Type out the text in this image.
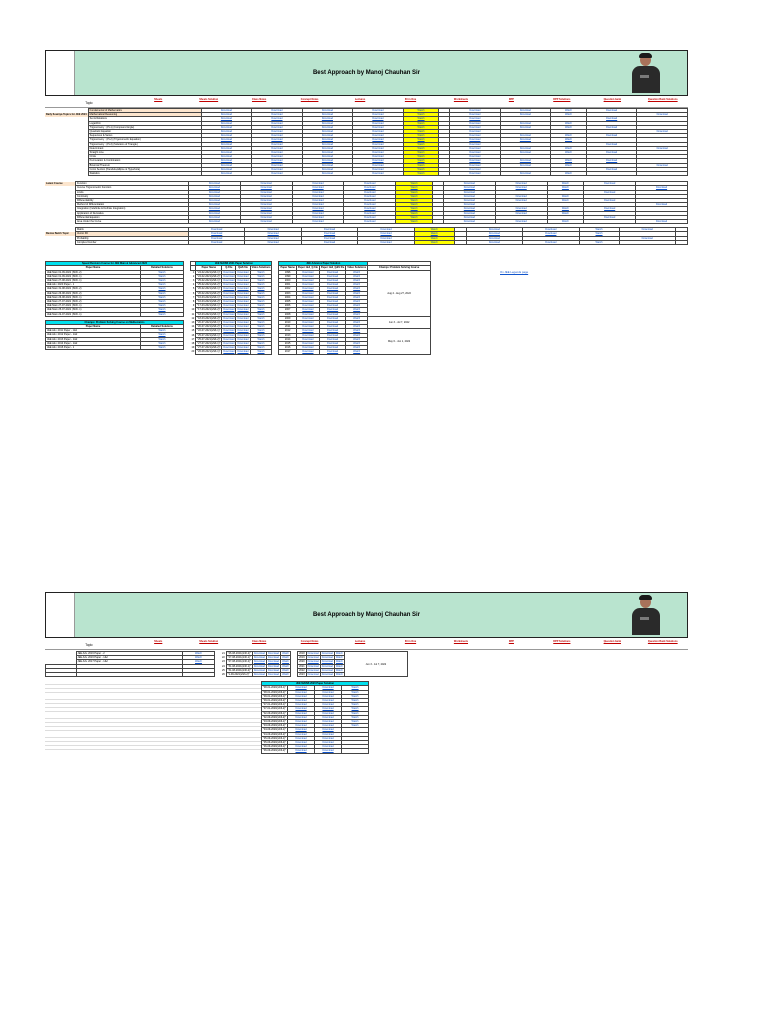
Best Approach by Manoj Chauhan Sir
Topic
Sheets	Sheets Solution	Class Notes	Concept Notes	Lectures	60 in One	Worksheets	DPP	DPP Solutions	Question bank	Question Bank Solutions
	Fundamental of Mathematics	Download	Download	Download	Download	Watch		Download	Download	Watch	Download	
Daily Soumya Topics for JEE 2024	Mathematical Reasoning	Download	Download	Download	Download	Watch		Download	Download	Watch		Download
	Set & Relations	Download	Download	Download	Download	Watch		Download			Download	
	Logarithm	Download	Download	Download	Download	Watch		Download	Download	Watch		
	Trigonometry : (Pt-1) (Compound Angle)	Download	Download	Download	Download	Watch		Download	Download	Watch	Download	
	Quadratic Equation	Download	Download	Download	Download	Watch		Download				Download
	Sequences & Series	Download	Download	Download	Download	Watch		Download	Download	Watch	Download	
	Trigonometry : (Pt-2) (Trigonometric Equation)	Download	Download	Download	Download	Watch		Download	Download	Watch		
	Trigonometry : (Pt-3) (Solutions of Triangle)	Download	Download	Download	Download	Watch		Download			Download	
	Determinant	Download	Download	Download	Download	Watch		Download	Download	Watch		Download
	Straight Line	Download	Download	Download	Download	Watch		Download	Download	Watch	Download	
	Circle	Download	Download	Download	Download	Watch		Download				
	Permutation & Combination	Download	Download	Download	Download	Watch		Download	Download	Watch	Download	
	Binomial Theorem	Download	Download	Download	Download	Watch		Download	Download	Watch		Download
	Conic Section (Parabola,Ellipse & Hyperbola)	Download	Download	Download	Download	Watch		Download			Download	
	Statistics	Download	Download	Download	Download	Watch		Download	Download	Watch		
Latest Course	Function	Download	Download	Download	Download	Watch		Download	Download	Watch	Download	
	Inverse Trigonometric Function	Download	Download	Download	Download	Watch		Download	Download	Watch		Download
	Limits	Download	Download	Download	Download	Watch		Download			Download	
	Continuity	Download	Download	Download	Download	Watch		Download	Download	Watch		
	Differentiability	Download	Download	Download	Download	Watch		Download	Download	Watch	Download	
	Method of Differentiation	Download	Download	Download	Download	Watch		Download				Download
	Integration (Indefinite & Definite Integration)	Download	Download	Download	Download	Watch		Download	Download	Watch	Download	
	Application of Derivative	Download	Download	Download	Download	Watch		Download	Download	Watch		
	Differential Equation	Download	Download	Download	Download	Watch		Download			Download	
	Area Under the Curve	Download	Download	Download	Download	Watch		Download	Download	Watch		Download
	Matrix	Download	Download	Download	Download	Watch		Download	Download	Watch	Download	
Revive Batch Topic	Vector 3D	Download	Download	Download	Download	Watch		Download	Download	Watch		
	Probability	Download	Download	Download	Download	Watch		Download			Download	
	Complex Number	Download	Download	Download	Download	Watch		Download	Download	Watch		
Speed Revision Course for JEE Main & Advanced 2022	
Paper Name	Detailed Solutions
JEE Main 01-09-2021 (Shift -2)	Watch
JEE Main 01-09-2021 (Shift -1)	Watch
JEE Main 27-08-2021 (Shift -1)	Watch
JEE Adv. 2020 Paper - 1	Watch
JEE Main 31-08-2021 (Shift -2)	Watch
JEE Main 26-08-2021 (Shift -2)	Watch
JEE Main 26-08-2021 (Shift -1)	Watch
JEE Main 27-07-2021 (Shift -2)	Watch
JEE Main 27-07-2021 (Shift -1)	Watch
JEE Main 25-07-2021 (Shift -1)	Watch
JEE Main 22-07-2021 (Shift -1)	Watch
Champs: Problem Solving Course on Mathematics	
Paper Name	Detailed Solutions
JEE Adv. 2011 Paper - 1&2	Watch
JEE Adv. 2012 Paper - 1&2	Watch
JEE Adv. 2013 Paper - 1&2	Watch
JEE Adv. 2014 Paper - 1&2	Watch
JEE Adv. 2016 Paper - 1	Watch
	JEE MAINS 2021 Paper Solution			
	Paper Name	Q-File	Q&S file	Video Solutions
1	"24-02-2021(shift-1)"	Download	Download	Watch
2	"24-02-2021(shift-2)"	Download	Download	Watch
3	"25-02-2021(shift-1)"	Download	Download	Watch
4	"25-02-2021(shift-2)"	Download	Download	Watch
5	"26-02-2021(shift-1)"	Download	Download	Watch
6	"26-02-2021(shift-2)"	Download	Download	Watch
7	"16-03-2021(shift-1)"	Download	Download	Watch
8	"16-03-2021(shift-2)"	Download	Download	Watch
9	"17-03-2021(shift-1)"	Download	Download	Watch
10	"17-03-2021(shift-2)"	Download	Download	Watch
11	"18-03-2021(shift-1)"	Download	Download	Watch
12	"18-03-2021(shift-2)"	Download	Download	Watch
13	"20-07-2021(shift-1)"	Download	Download	Watch
14	"20-07-2021(shift-2)"	Download	Download	Watch
15	"22-07-2021(shift-1)"	Download	Download	Watch
16	"25-07-2021(shift-1)"	Download	Download	Watch
17	"25-07-2021(shift-2)"	Download	Download	Watch
18	"27-07-2021(shift-1)"	Download	Download	Watch
19	"27-07-2021(shift-2)"	Download	Download	Watch
20	"26-08-2021(shift-1)"	Download	Download	Watch
JEE Advance Paper Solution				
Paper Name	Paper 1&2_Q-file	Paper 1&2_Q&S file	Video Solutions	Champs: Problem Solving Course
1996	Download	Download	Watch	Aug 4 - Aug 27, 2022
1999	Download	Download	Watch	
2000	Download	Download	Watch	
2001	Download	Download	Watch	
2002	Download	Download	Watch	
2003	Download	Download	Watch	
2004	Download	Download	Watch	
2005	Download	Download	Watch	
2006	Download	Download	Watch	
2007	Download	Download	Watch	
2008	Download	Download	Watch	
2009	Download	Download	Watch	Jun 3 - Jul 7, 2022
2010	Download	Download	Watch	
2011	Download	Download	Watch	
2012	Download	Download	Watch	May 6 - Jun 1, 2022
2013	Download	Download	Watch	
2014	Download	Download	Watch	
2015	Download	Download	Watch	
2016	Download	Download	Watch	
2017	Download	Download	Watch	
On JEE Legends page
Best Approach by Manoj Chauhan Sir
Topic
Sheets	Sheets Solution	Class Notes	Concept Notes	Lectures	60 in One	Worksheets	DPP	DPP Solutions	Question bank	Question Bank Solutions
	JEE Adv. 2016 Paper - 2	Watch
	JEE Adv. 2016 Paper - 1&2	Watch
	JEE Adv. 2017 Paper - 1&2	Watch

21	"26-08-2021(shift-2)"	Download	Download	Watch
22	"27-08-2021(shift-1)"	Download	Download	Watch
23	"27-08-2021(shift-2)"	Download	Download	Watch
24	"31-08-2021(shift-1)"	Download	Download	Watch
25	"31-08-2021(shift-2)"	Download	Download	Watch
26	"1-09-2021(shift-2)"	Download	Download	Watch
2018	Download	Download	Watch	Jun 3 - Jul 7, 2022
2019	Download	Download	Watch	
2020	Download	Download	Watch	
2021	Download	Download	Watch	
2022	Download	Download	Watch	
2023	Download	Download	Watch	
JEE MAINS 2020 Paper Solution			
"08-01-2020(shift-1)"	Download	Download	Watch
"08-01-2020(shift-2)"	Download	Download	Watch
"09-01-2020(shift-1)"	Download	Download	Watch
"09-01-2020(shift-2)"	Download	Download	Watch
"07-01-2020(shift-1)"	Download	Download	Watch
"07-01-2020(shift-2)"	Download	Download	Watch
"02-09-2020(shift-1)"	Download	Download	Watch
"02-09-2020(shift-2)"	Download	Download	Watch
"03-09-2020(shift-1)"	Download	Download	Watch
"03-09-2020(shift-2)"	Download	Download	Watch
"04-09-2020(shift-1)"	Download	Download	
"04-09-2020(shift-2)"	Download	Download	
"05-09-2020(shift-1)"	Download	Download	
"05-09-2020(shift-2)"	Download	Download	
"06-09-2020(shift-1)"	Download	Download	
"06-09-2020(shift-2)"	Download	Download	
